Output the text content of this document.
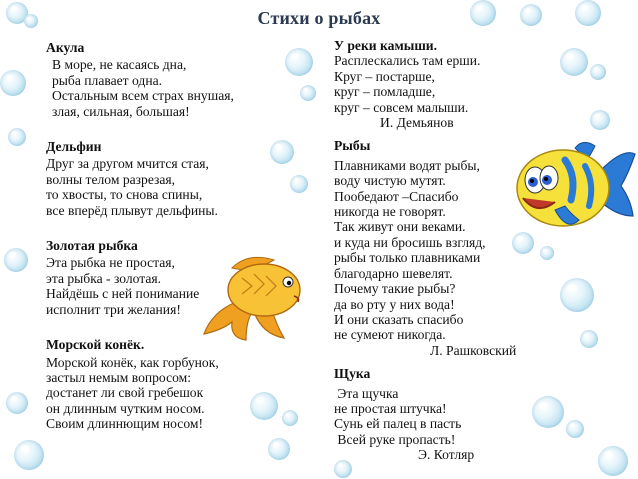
Стихи о рыбах
Акула
В море, не касаясь дна,
рыба плавает одна.
Остальным всем страх внушая,
злая, сильная, большая!
Дельфин
Друг за другом мчится стая,
волны телом разрезая,
то хвосты, то снова спины,
все вперёд плывут дельфины.
Золотая рыбка
Эта рыбка не простая,
эта рыбка - золотая.
Найдёшь с ней понимание
исполнит три желания!
Морской конёк.
Морской конёк, как горбунок,
застыл немым вопросом:
достанет ли свой гребешок
он длинным чутким носом.
Своим длиннющим носом!
У реки камыши.
Расплескались там ерши.
Круг – постарше,
круг – помладше,
круг – совсем малыши.
И. Демьянов
Рыбы
Плавниками водят рыбы,
воду чистую мутят.
Пообедают –Спасибо
никогда не говорят.
Так живут они веками.
и куда ни бросишь взгляд,
рыбы только плавниками
благодарно шевелят.
Почему такие рыбы?
да во рту у них вода!
И они сказать спасибо
не сумеют никогда.
Л. Рашковский
Щука
Эта щучка
не простая штучка!
Сунь ей палец в пасть
Всей руке пропасть!
Э. Котляр
